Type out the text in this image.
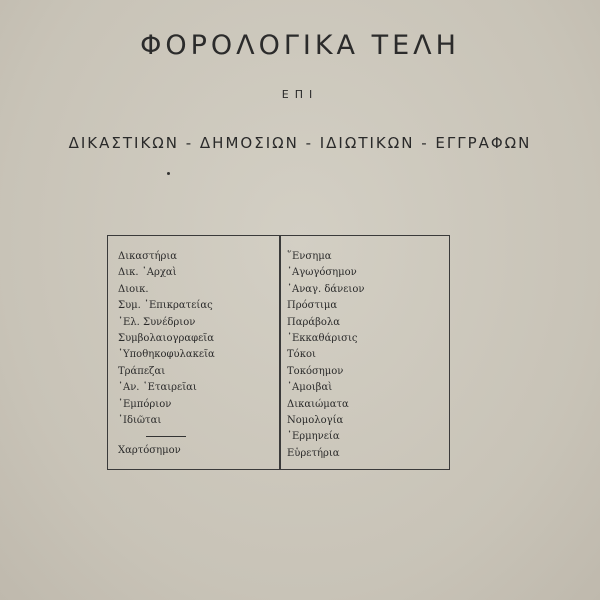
ΦΟΡΟΛΟΓΙΚΑ ΤΕΛΗ
ΕΠΙ
ΔΙΚΑΣΤΙΚΩΝ - ΔΗΜΟΣΙΩΝ - ΙΔΙΩΤΙΚΩΝ - ΕΓΓΡΑΦΩΝ
Δικαστήρια
Δικ. ᾽Αρχαὶ
Διοικ.
Συμ. ῾Επικρατείας
᾽Ελ. Συνέδριον
Συμβολαιογραφεῖα
῾Υποθηκοφυλακεῖα
Τράπεζαι
᾽Αν. ῾Εταιρεῖαι
᾽Εμπόριον
᾽Ιδιῶται
Χαρτόσημον
῞Ενσημα
᾽Αγωγόσημον
᾽Αναγ. δάνειον
Πρόστιμα
Παράβολα
᾽Εκκαθάρισις
Τόκοι
Τοκόσημον
᾽Αμοιβαὶ
Δικαιώματα
Νομολογία
῾Ερμηνεία
Εὑρετήρια
